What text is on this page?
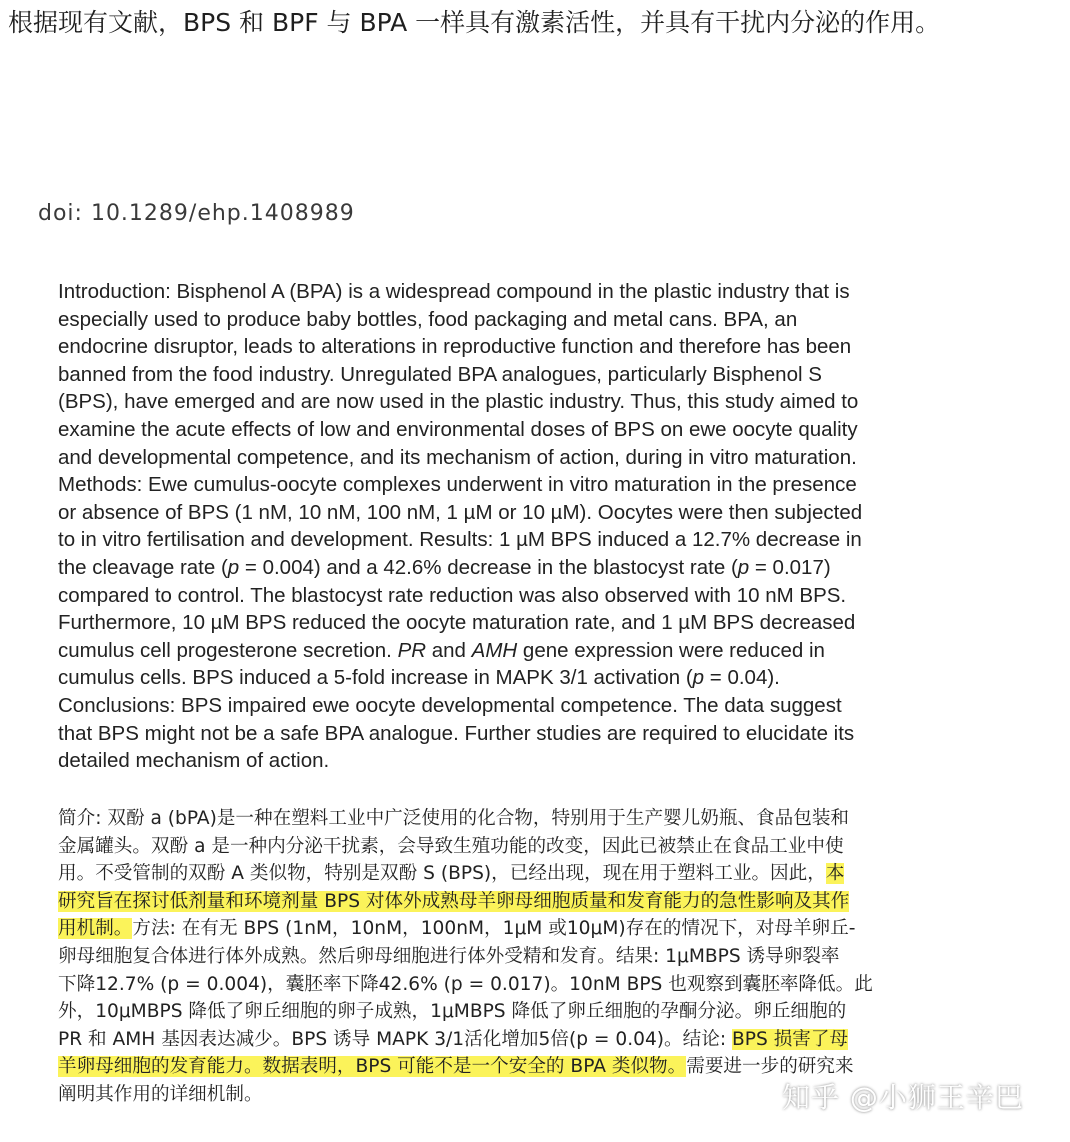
根据现有文献，BPS 和 BPF 与 BPA 一样具有激素活性，并具有干扰内分泌的作用。
doi: 10.1289/ehp.1408989
Introduction: Bisphenol A (BPA) is a widespread compound in the plastic industry that is
especially used to produce baby bottles, food packaging and metal cans. BPA, an
endocrine disruptor, leads to alterations in reproductive function and therefore has been
banned from the food industry. Unregulated BPA analogues, particularly Bisphenol S
(BPS), have emerged and are now used in the plastic industry. Thus, this study aimed to
examine the acute effects of low and environmental doses of BPS on ewe oocyte quality
and developmental competence, and its mechanism of action, during in vitro maturation.
Methods: Ewe cumulus-oocyte complexes underwent in vitro maturation in the presence
or absence of BPS (1 nM, 10 nM, 100 nM, 1 µM or 10 µM). Oocytes were then subjected
to in vitro fertilisation and development. Results: 1 µM BPS induced a 12.7% decrease in
the cleavage rate (p = 0.004) and a 42.6% decrease in the blastocyst rate (p = 0.017)
compared to control. The blastocyst rate reduction was also observed with 10 nM BPS.
Furthermore, 10 µM BPS reduced the oocyte maturation rate, and 1 µM BPS decreased
cumulus cell progesterone secretion. PR and AMH gene expression were reduced in
cumulus cells. BPS induced a 5-fold increase in MAPK 3/1 activation (p = 0.04).
Conclusions: BPS impaired ewe oocyte developmental competence. The data suggest
that BPS might not be a safe BPA analogue. Further studies are required to elucidate its
detailed mechanism of action.
简介: 双酚 a (bPA)是一种在塑料工业中广泛使用的化合物，特别用于生产婴儿奶瓶、食品包装和
金属罐头。双酚 a 是一种内分泌干扰素，会导致生殖功能的改变，因此已被禁止在食品工业中使
用。不受管制的双酚 A 类似物，特别是双酚 S (BPS)，已经出现，现在用于塑料工业。因此，本
研究旨在探讨低剂量和环境剂量 BPS 对体外成熟母羊卵母细胞质量和发育能力的急性影响及其作
用机制。方法: 在有无 BPS (1nM，10nM，100nM，1μM 或10μM)存在的情况下，对母羊卵丘-
卵母细胞复合体进行体外成熟。然后卵母细胞进行体外受精和发育。结果: 1μMBPS 诱导卵裂率
下降12.7% (p = 0.004)，囊胚率下降42.6% (p = 0.017)。10nM BPS 也观察到囊胚率降低。此
外，10μMBPS 降低了卵丘细胞的卵子成熟，1μMBPS 降低了卵丘细胞的孕酮分泌。卵丘细胞的
PR 和 AMH 基因表达减少。BPS 诱导 MAPK 3/1活化增加5倍(p = 0.04)。结论: BPS 损害了母
羊卵母细胞的发育能力。数据表明，BPS 可能不是一个安全的 BPA 类似物。需要进一步的研究来
阐明其作用的详细机制。	知乎 @小狮王辛巴
